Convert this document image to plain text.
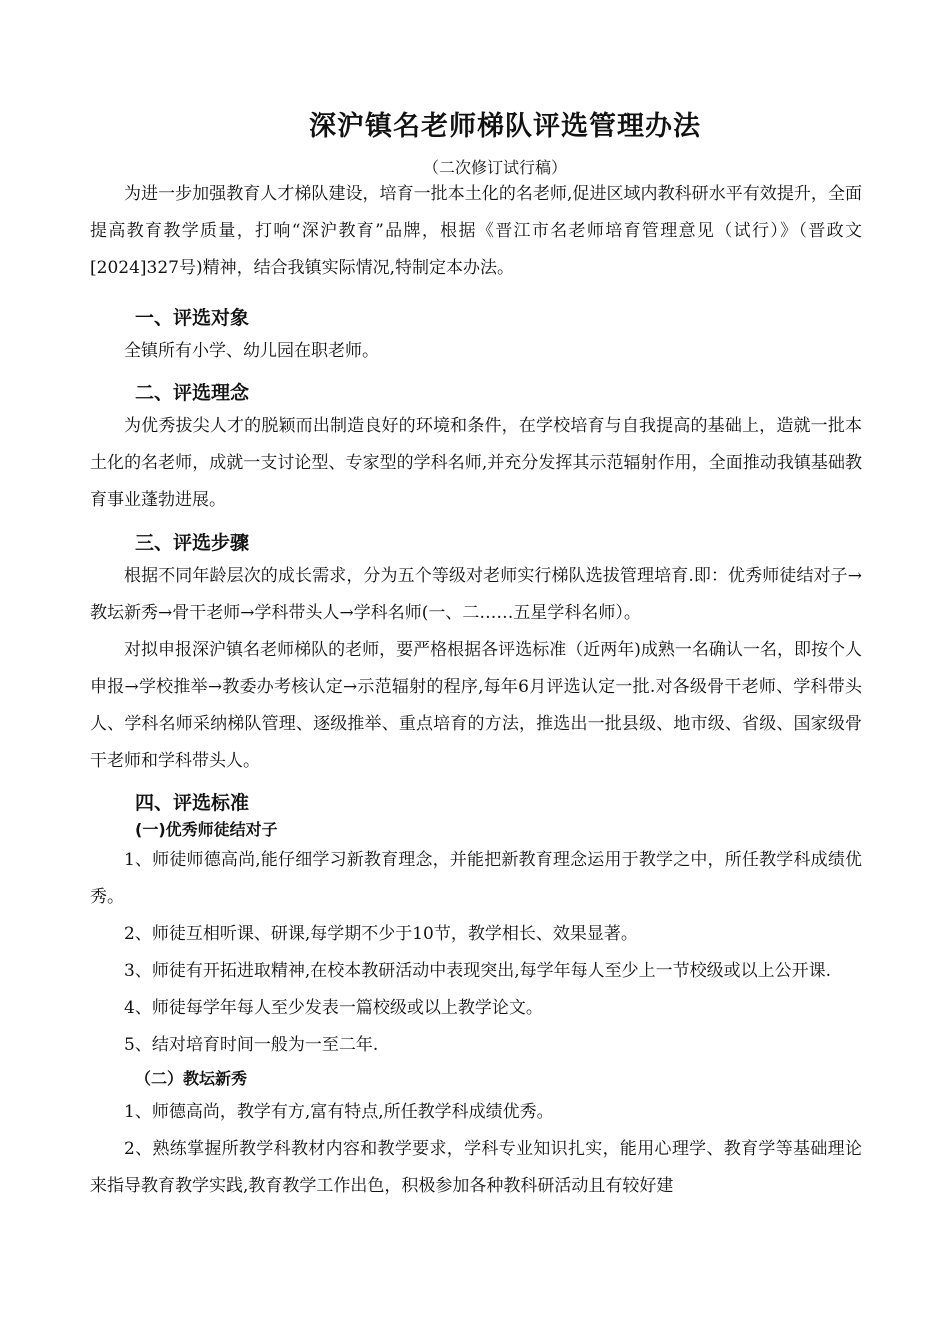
深沪镇名老师梯队评选管理办法
（二次修订试行稿）

为进一步加强教育人才梯队建设，培育一批本土化的名老师,促进区域内教科研水平有效提升，全面提高教育教学质量，打响“深沪教育”品牌，根据《晋江市名老师培育管理意见（试行）》（晋政文[2024]327号)精神，结合我镇实际情况,特制定本办法。

一、评选对象

全镇所有小学、幼儿园在职老师。

二、评选理念

为优秀拔尖人才的脱颖而出制造良好的环境和条件，在学校培育与自我提高的基础上，造就一批本土化的名老师，成就一支讨论型、专家型的学科名师,并充分发挥其示范辐射作用，全面推动我镇基础教育事业蓬勃进展。

三、评选步骤

根据不同年龄层次的成长需求，分为五个等级对老师实行梯队选拔管理培育.即：优秀师徒结对子→教坛新秀→骨干老师→学科带头人→学科名师(一、二……五星学科名师）。

对拟申报深沪镇名老师梯队的老师，要严格根据各评选标准（近两年)成熟一名确认一名，即按个人申报→学校推举→教委办考核认定→示范辐射的程序,每年6月评选认定一批.对各级骨干老师、学科带头人、学科名师采纳梯队管理、逐级推举、重点培育的方法，推选出一批县级、地市级、省级、国家级骨干老师和学科带头人。

四、评选标准

(一)优秀师徒结对子

1、师徒师德高尚,能仔细学习新教育理念，并能把新教育理念运用于教学之中，所任教学科成绩优秀。

2、师徒互相听课、研课,每学期不少于10节，教学相长、效果显著。

3、师徒有开拓进取精神,在校本教研活动中表现突出,每学年每人至少上一节校级或以上公开课.

4、师徒每学年每人至少发表一篇校级或以上教学论文。

5、结对培育时间一般为一至二年.

（二）教坛新秀

1、师德高尚，教学有方,富有特点,所任教学科成绩优秀。

2、熟练掌握所教学科教材内容和教学要求，学科专业知识扎实，能用心理学、教育学等基础理论来指导教育教学实践,教育教学工作出色，积极参加各种教科研活动且有较好建
